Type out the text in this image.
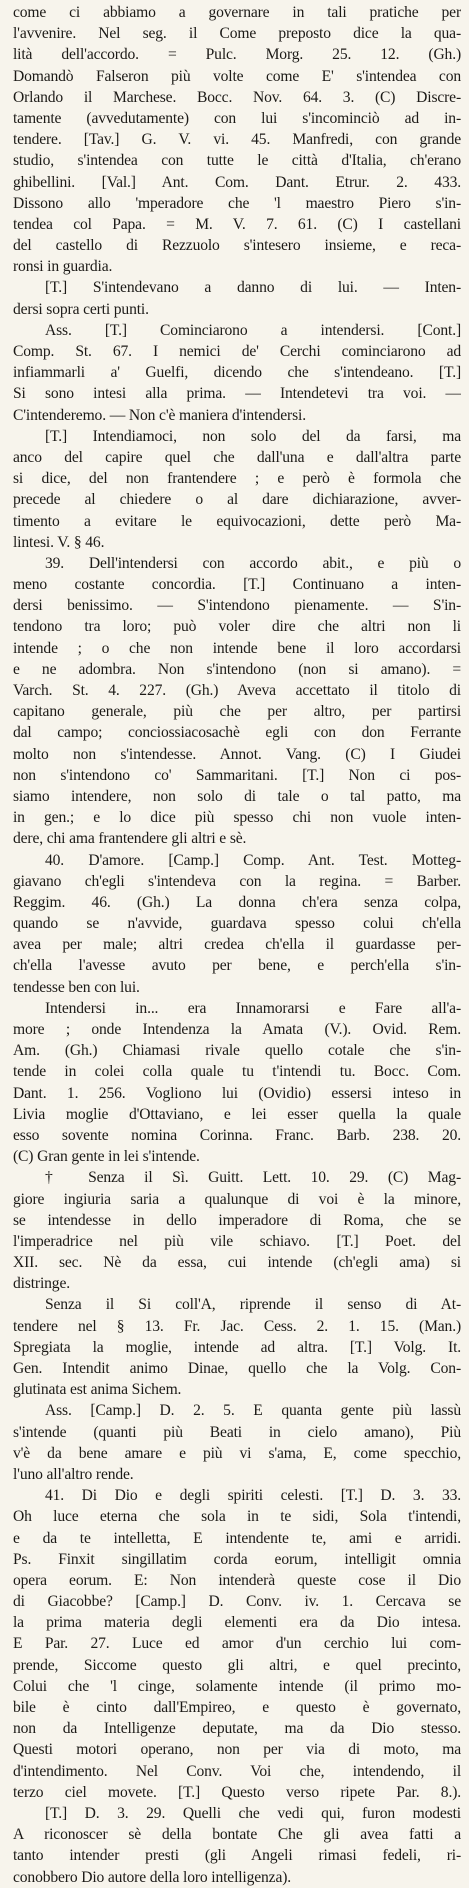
come ci abbiamo a governare in tali pratiche per
l'avvenire. Nel seg. il Come preposto dice la qua-
lità dell'accordo. = Pulc. Morg. 25. 12. (Gh.)
Domandò Falseron più volte come E' s'intendea con
Orlando il Marchese. Bocc. Nov. 64. 3. (C) Discre-
tamente (avvedutamente) con lui s'incominciò ad in-
tendere. [Tav.] G. V. vi. 45. Manfredi, con grande
studio, s'intendea con tutte le città d'Italia, ch'erano
ghibellini. [Val.] Ant. Com. Dant. Etrur. 2. 433.
Dissono allo 'mperadore che 'l maestro Piero s'in-
tendea col Papa. = M. V. 7. 61. (C) I castellani
del castello di Rezzuolo s'intesero insieme, e reca-
ronsi in guardia.
[T.] S'intendevano a danno di lui. — Inten-
dersi sopra certi punti.
Ass. [T.] Cominciarono a intendersi. [Cont.]
Comp. St. 67. I nemici de' Cerchi cominciarono ad
infiammarli a' Guelfi, dicendo che s'intendeano. [T.]
Si sono intesi alla prima. — Intendetevi tra voi. —
C'intenderemo. — Non c'è maniera d'intendersi.
[T.] Intendiamoci, non solo del da farsi, ma
anco del capire quel che dall'una e dall'altra parte
si dice, del non frantendere ; e però è formola che
precede al chiedere o al dare dichiarazione, avver-
timento a evitare le equivocazioni, dette però Ma-
lintesi. V. § 46.
39. Dell'intendersi con accordo abit., e più o
meno costante concordia. [T.] Continuano a inten-
dersi benissimo. — S'intendono pienamente. — S'in-
tendono tra loro; può voler dire che altri non li
intende ; o che non intende bene il loro accordarsi
e ne adombra. Non s'intendono (non si amano). =
Varch. St. 4. 227. (Gh.) Aveva accettato il titolo di
capitano generale, più che per altro, per partirsi
dal campo; conciossiacosachè egli con don Ferrante
molto non s'intendesse. Annot. Vang. (C) I Giudei
non s'intendono co' Sammaritani. [T.] Non ci pos-
siamo intendere, non solo di tale o tal patto, ma
in gen.; e lo dice più spesso chi non vuole inten-
dere, chi ama frantendere gli altri e sè.
40. D'amore. [Camp.] Comp. Ant. Test. Motteg-
giavano ch'egli s'intendeva con la regina. = Barber.
Reggim. 46. (Gh.) La donna ch'era senza colpa,
quando se n'avvide, guardava spesso colui ch'ella
avea per male; altri credea ch'ella il guardasse per-
ch'ella l'avesse avuto per bene, e perch'ella s'in-
tendesse ben con lui.
Intendersi in... era Innamorarsi e Fare all'a-
more ; onde Intendenza la Amata (V.). Ovid. Rem.
Am. (Gh.) Chiamasi rivale quello cotale che s'in-
tende in colei colla quale tu t'intendi tu. Bocc. Com.
Dant. 1. 256. Vogliono lui (Ovidio) essersi inteso in
Livia moglie d'Ottaviano, e lei esser quella la quale
esso sovente nomina Corinna. Franc. Barb. 238. 20.
(C) Gran gente in lei s'intende.
† Senza il Sì. Guitt. Lett. 10. 29. (C) Mag-
giore ingiuria saria a qualunque di voi è la minore,
se intendesse in dello imperadore di Roma, che se
l'imperadrice nel più vile schiavo. [T.] Poet. del
XII. sec. Nè da essa, cui intende (ch'egli ama) si
distringe.
Senza il Si coll'A, riprende il senso di At-
tendere nel § 13. Fr. Jac. Cess. 2. 1. 15. (Man.)
Spregiata la moglie, intende ad altra. [T.] Volg. It.
Gen. Intendit animo Dinae, quello che la Volg. Con-
glutinata est anima Sichem.
Ass. [Camp.] D. 2. 5. E quanta gente più lassù
s'intende (quanti più Beati in cielo amano), Più
v'è da bene amare e più vi s'ama, E, come specchio,
l'uno all'altro rende.
41. Di Dio e degli spiriti celesti. [T.] D. 3. 33.
Oh luce eterna che sola in te sidi, Sola t'intendi,
e da te intelletta, E intendente te, ami e arridi.
Ps. Finxit singillatim corda eorum, intelligit omnia
opera eorum. E: Non intenderà queste cose il Dio
di Giacobbe? [Camp.] D. Conv. iv. 1. Cercava se
la prima materia degli elementi era da Dio intesa.
E Par. 27. Luce ed amor d'un cerchio lui com-
prende, Siccome questo gli altri, e quel precinto,
Colui che 'l cinge, solamente intende (il primo mo-
bile è cinto dall'Empireo, e questo è governato,
non da Intelligenze deputate, ma da Dio stesso.
Questi motori operano, non per via di moto, ma
d'intendimento. Nel Conv. Voi che, intendendo, il
terzo ciel movete. [T.] Questo verso ripete Par. 8.).
[T.] D. 3. 29. Quelli che vedi qui, furon modesti
A riconoscer sè della bontate Che gli avea fatti a
tanto intender presti (gli Angeli rimasi fedeli, ri-
conobbero Dio autore della loro intelligenza).
